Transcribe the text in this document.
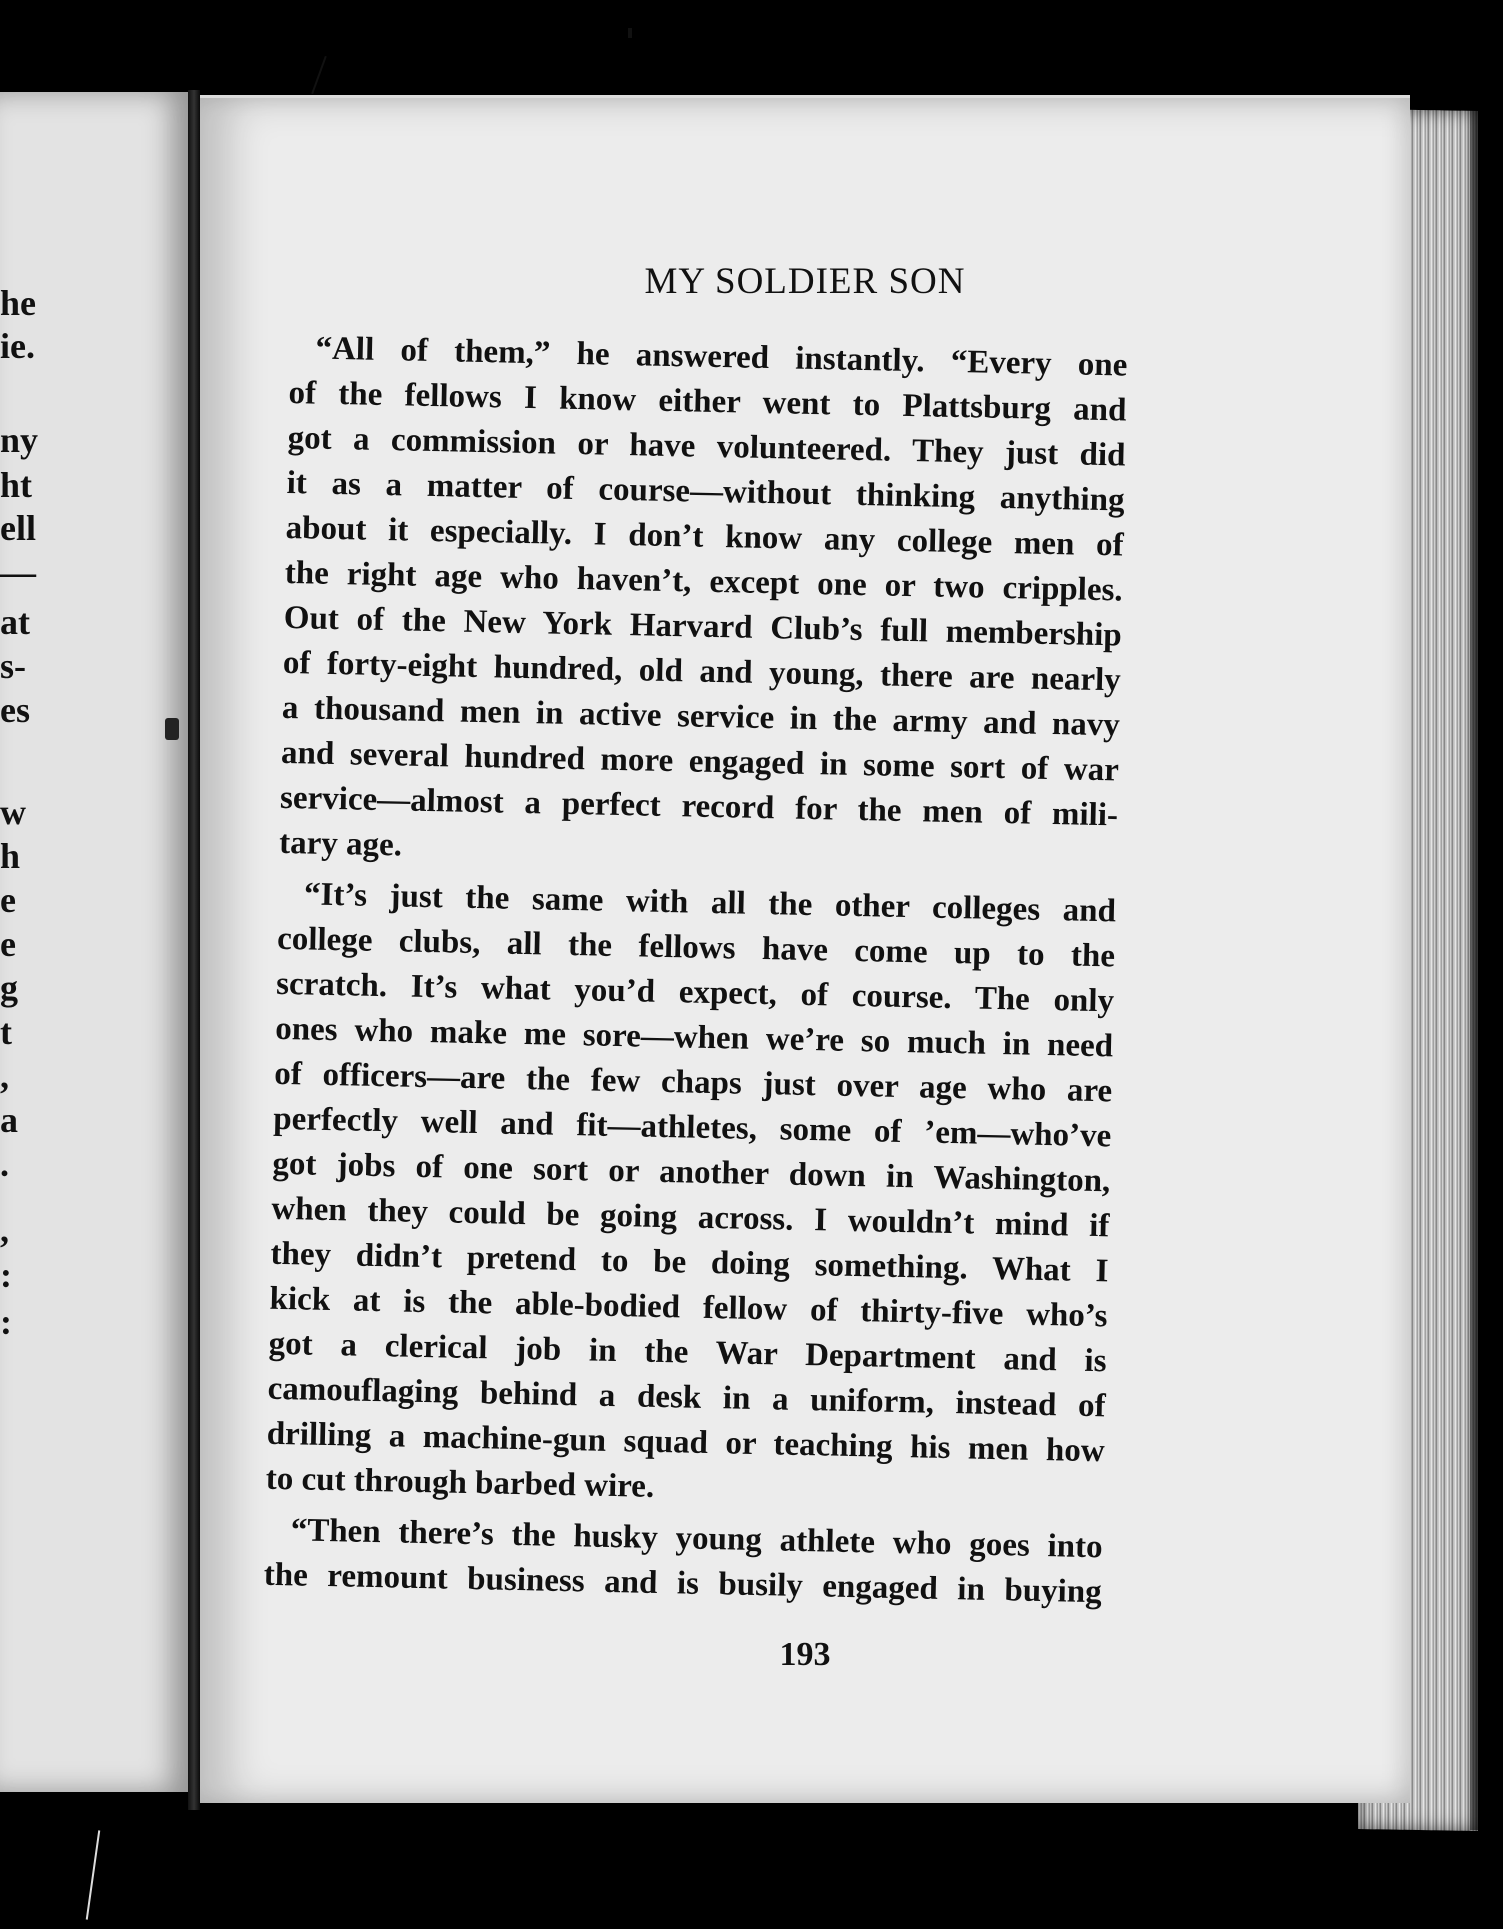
he
ie.
ny
ht
ell
—
at
s-
es
w
h
e
e
g
t
,
a
.
,
:
:
MY SOLDIER SON
“All of them,” he answered instantly. “Every one
of the fellows I know either went to Plattsburg and
got a commission or have volunteered. They just did
it as a matter of course—without thinking anything
about it especially. I don’t know any college men of
the right age who haven’t, except one or two cripples.
Out of the New York Harvard Club’s full membership
of forty-eight hundred, old and young, there are nearly
a thousand men in active service in the army and navy
and several hundred more engaged in some sort of war
service—almost a perfect record for the men of mili-
tary age.
“It’s just the same with all the other colleges and
college clubs, all the fellows have come up to the
scratch. It’s what you’d expect, of course. The only
ones who make me sore—when we’re so much in need
of officers—are the few chaps just over age who are
perfectly well and fit—athletes, some of ’em—who’ve
got jobs of one sort or another down in Washington,
when they could be going across. I wouldn’t mind if
they didn’t pretend to be doing something. What I
kick at is the able-bodied fellow of thirty-five who’s
got a clerical job in the War Department and is
camouflaging behind a desk in a uniform, instead of
drilling a machine-gun squad or teaching his men how
to cut through barbed wire.
“Then there’s the husky young athlete who goes into
the remount business and is busily engaged in buying
193
